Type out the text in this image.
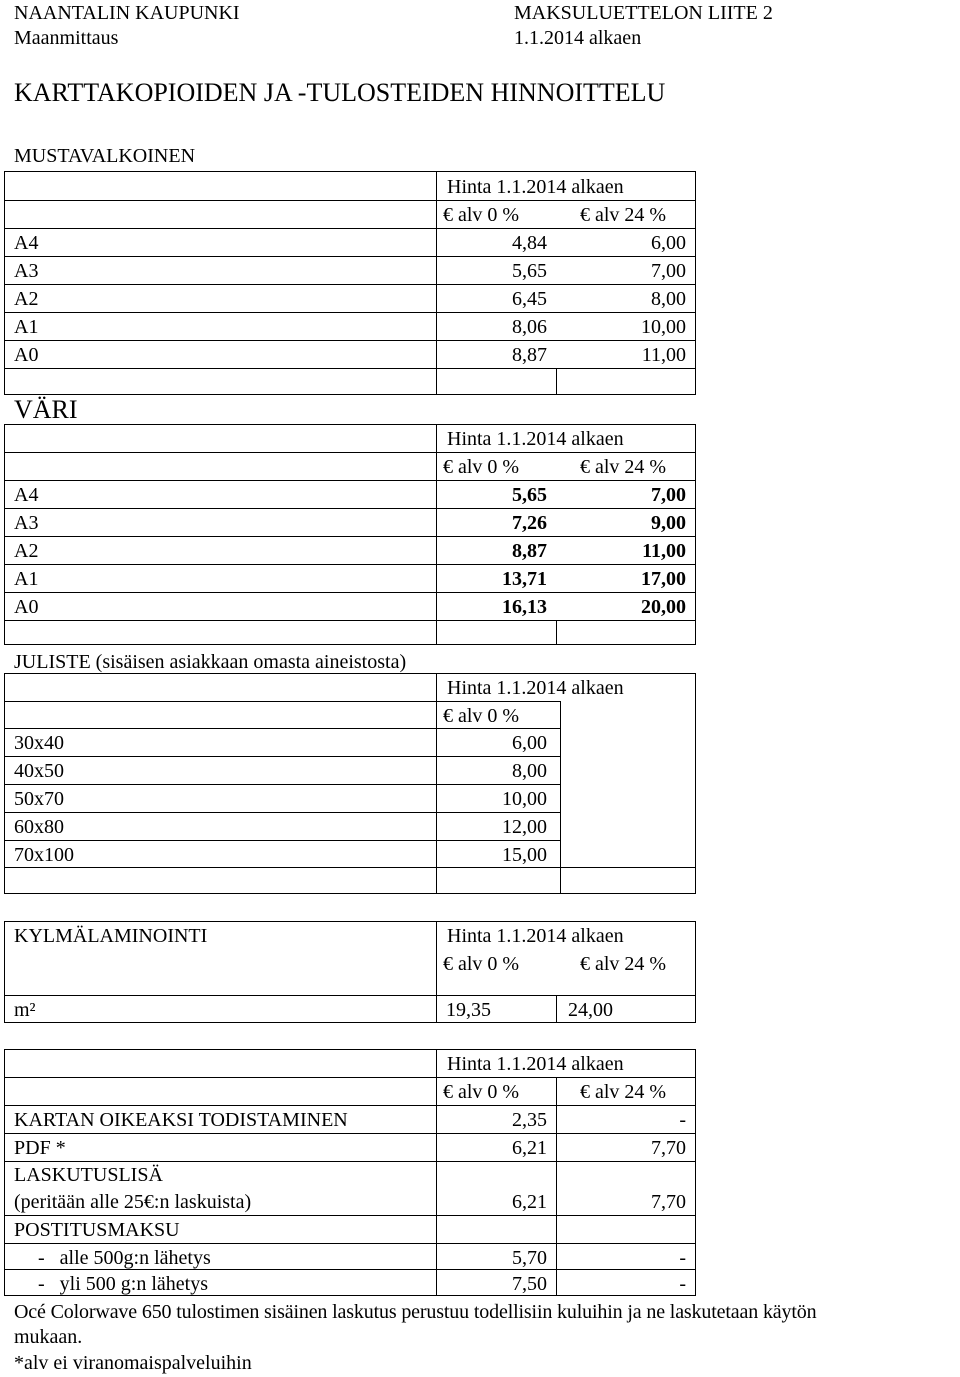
NAANTALIN KAUPUNKI
Maanmittaus
MAKSULUETTELON LIITE 2
1.1.2014 alkaen
KARTTAKOPIOIDEN JA -TULOSTEIDEN HINNOITTELU
MUSTAVALKOINEN
Hinta 1.1.2014 alkaen
€ alv 0 %	€ alv 24 %
A4	4,84	6,00
A3	5,65	7,00
A2	6,45	8,00
A1	8,06	10,00
A0	8,87	11,00
VÄRI
Hinta 1.1.2014 alkaen
€ alv 0 %	€ alv 24 %
A4	5,65	7,00
A3	7,26	9,00
A2	8,87	11,00
A1	13,71	17,00
A0	16,13	20,00
JULISTE (sisäisen asiakkaan omasta aineistosta)
Hinta 1.1.2014 alkaen
€ alv 0 %
30x40	6,00
40x50	8,00
50x70	10,00
60x80	12,00
70x100	15,00
KYLMÄLAMINOINTI	Hinta 1.1.2014 alkaen
€ alv 0 %	€ alv 24 %
m²	19,35	24,00
Hinta 1.1.2014 alkaen
€ alv 0 %	€ alv 24 %
KARTAN OIKEAKSI TODISTAMINEN	2,35	-
PDF *	6,21	7,70
LASKUTUSLISÄ
(peritään alle 25€:n laskuista)	6,21	7,70
POSTITUSMAKSU
-   alle 500g:n lähetys	5,70	-
-   yli 500 g:n lähetys	7,50	-
Océ Colorwave 650 tulostimen sisäinen laskutus perustuu todellisiin kuluihin ja ne laskutetaan käytön
mukaan.
*alv ei viranomaispalveluihin
